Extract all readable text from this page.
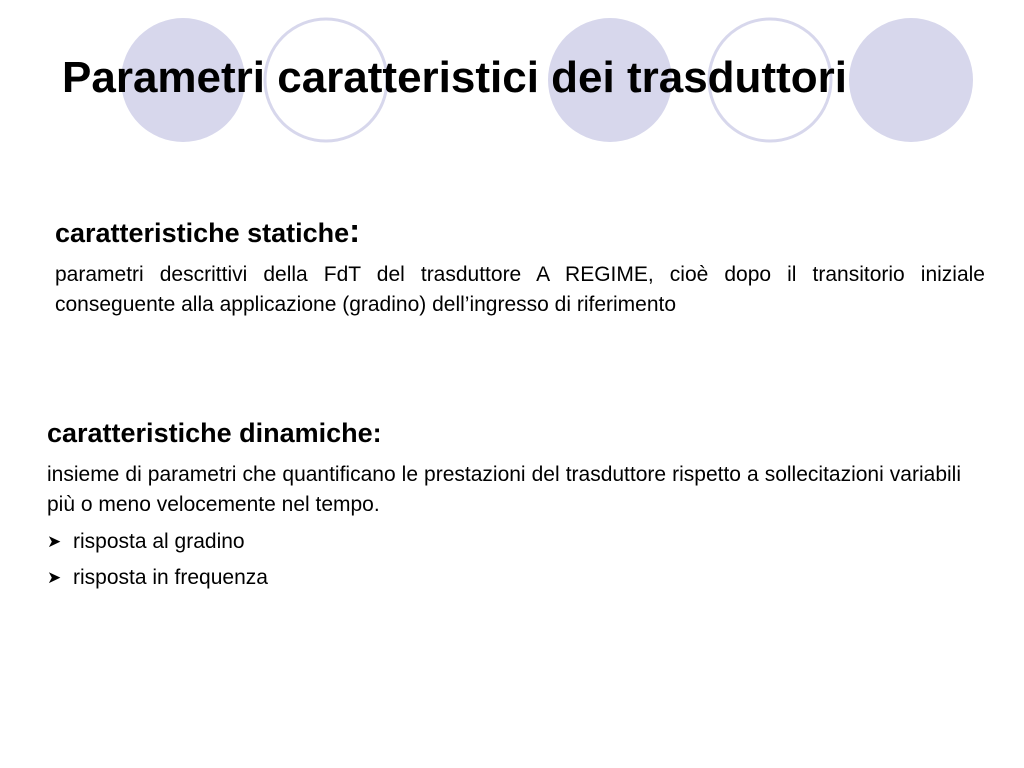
Parametri caratteristici dei trasduttori

caratteristiche statiche:

parametri descrittivi della FdT del trasduttore A REGIME, cioè dopo il transitorio iniziale conseguente alla applicazione (gradino) dell’ingresso di riferimento

caratteristiche dinamiche:

insieme di parametri che quantificano le prestazioni del trasduttore rispetto a sollecitazioni variabili più o meno velocemente nel tempo.

➤ risposta al gradino
➤ risposta in frequenza
